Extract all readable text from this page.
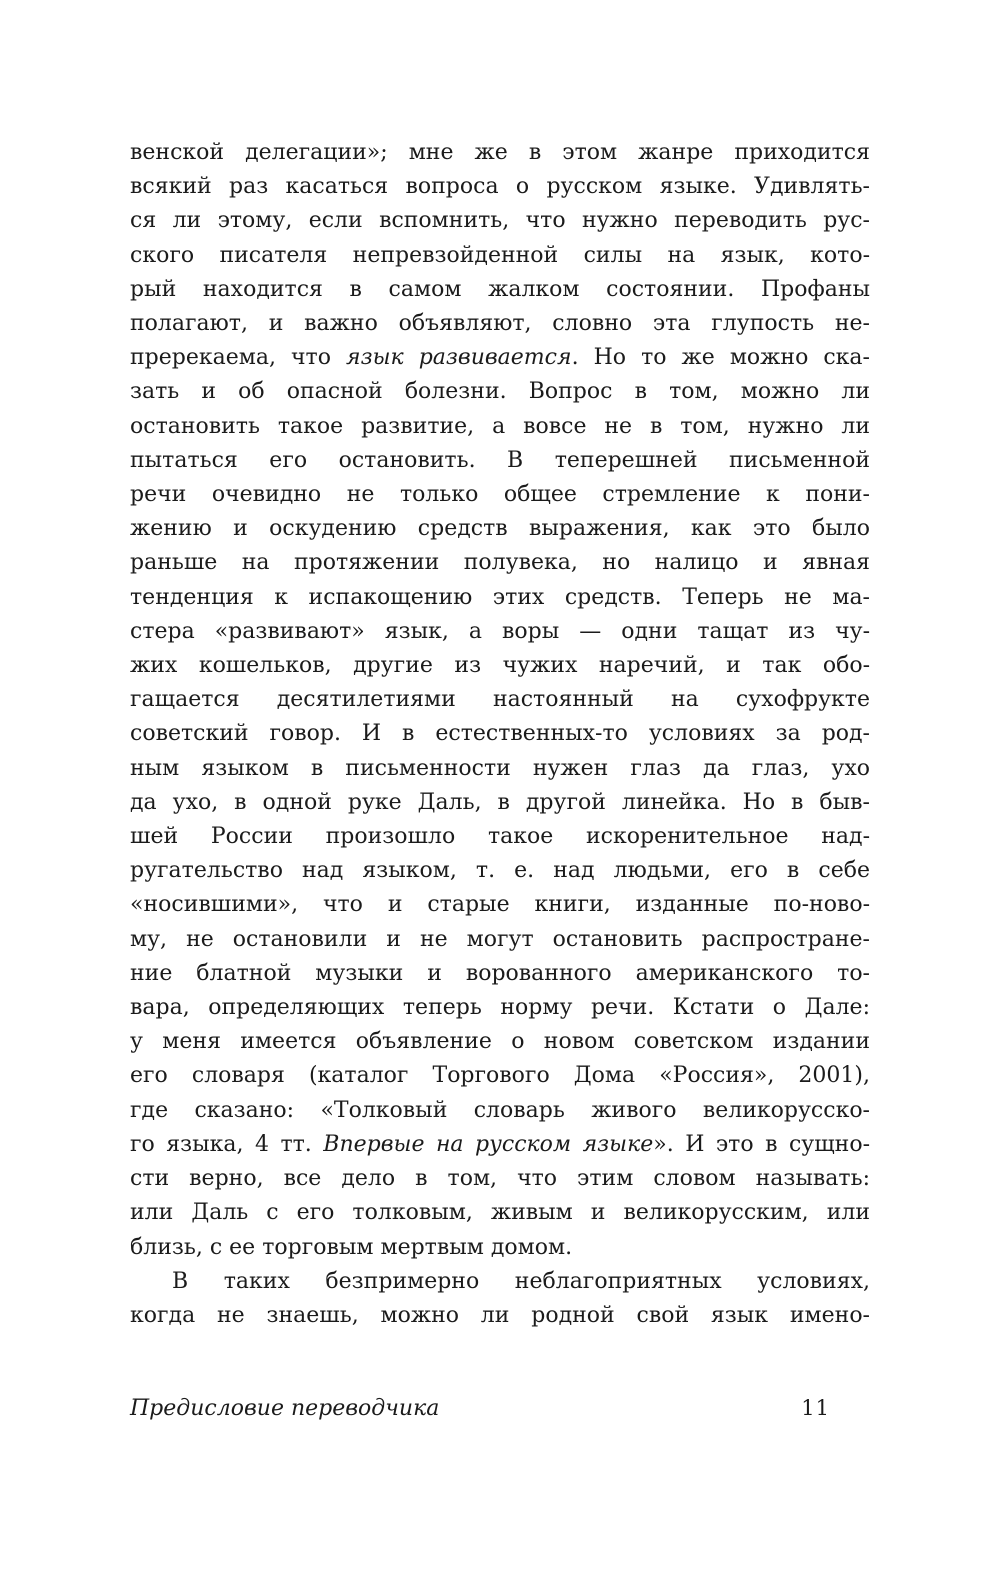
венской делегации»; мне же в этом жанре приходится
всякий раз касаться вопроса о русском языке. Удивлять-
ся ли этому, если вспомнить, что нужно переводить рус-
ского писателя непревзойденной силы на язык, кото-
рый находится в самом жалком состоянии. Профаны
полагают, и важно объявляют, словно эта глупость не-
пререкаема, что язык развивается. Но то же можно ска-
зать и об опасной болезни. Вопрос в том, можно ли
остановить такое развитие, а вовсе не в том, нужно ли
пытаться его остановить. В теперешней письменной
речи очевидно не только общее стремление к пони-
жению и оскудению средств выражения, как это было
раньше на протяжении полувека, но налицо и явная
тенденция к испакощению этих средств. Теперь не ма-
стера «развивают» язык, а воры — одни тащат из чу-
жих кошельков, другие из чужих наречий, и так обо-
гащается десятилетиями настоянный на сухофрукте
советский говор. И в естественных-то условиях за род-
ным языком в письменности нужен глаз да глаз, ухо
да ухо, в одной руке Даль, в другой линейка. Но в быв-
шей России произошло такое искоренительное над-
ругательство над языком, т. е. над людьми, его в себе
«носившими», что и старые книги, изданные по-ново-
му, не остановили и не могут остановить распростране-
ние блатной музыки и ворованного американского то-
вара, определяющих теперь норму речи. Кстати о Дале:
у меня имеется объявление о новом советском издании
его словаря (каталог Торгового Дома «Россия», 2001),
где сказано: «Толковый словарь живого великорусско-
го языка, 4 тт. Впервые на русском языке». И это в сущно-
сти верно, все дело в том, что этим словом называть:
или Даль с его толковым, живым и великорусским, или
близь, с ее торговым мертвым домом.
В таких безпримерно неблагоприятных условиях,
когда не знаешь, можно ли родной свой язык имено-
Предисловие переводчика	11
